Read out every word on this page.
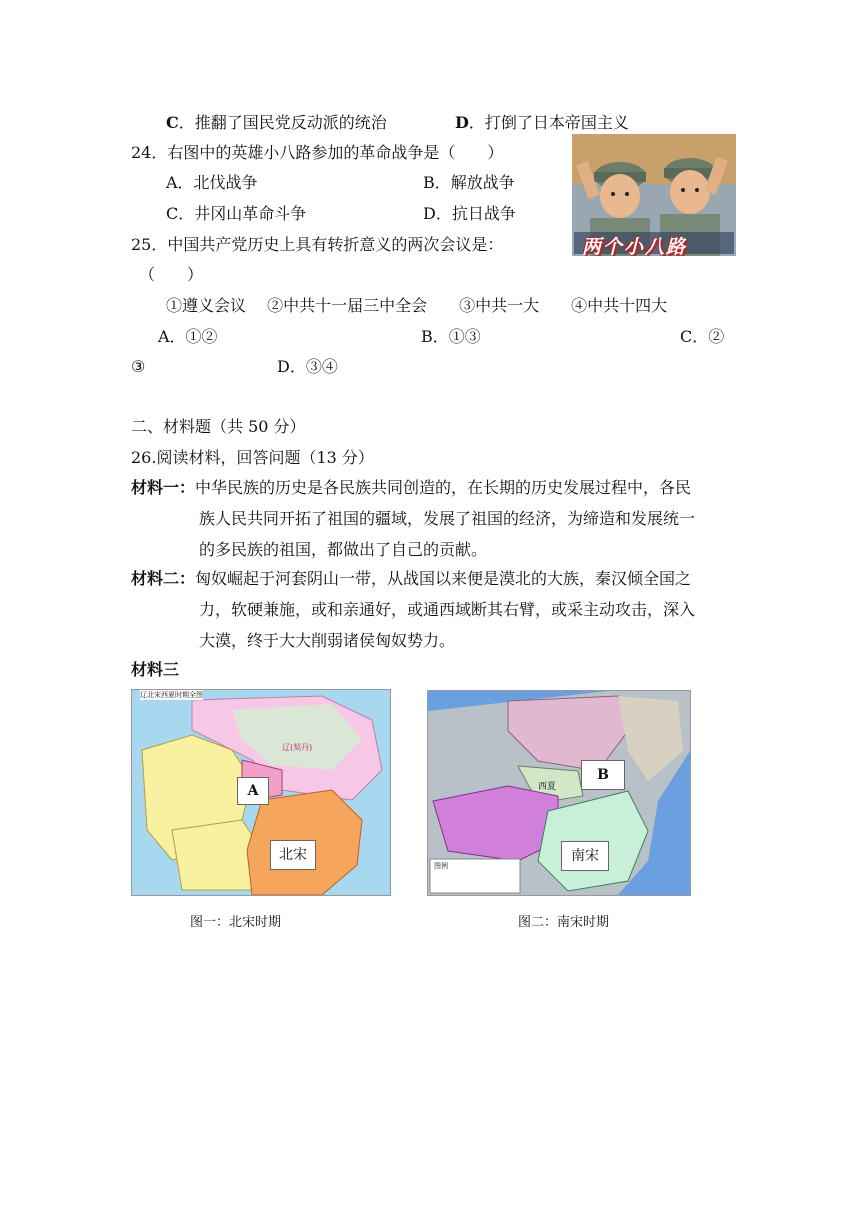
C．推翻了国民党反动派的统治	D．打倒了日本帝国主义
24．右图中的英雄小八路参加的革命战争是（　　）
A．北伐战争	B．解放战争
C．井冈山革命斗争	D．抗日战争
两个小八路
25．中国共产党历史上具有转折意义的两次会议是：
（　　）
①遵义会议　 ②中共十一届三中全会　　③中共一大　　④中共十四大
A．①②	B．①③	C．②
③	D．③④
二、材料题（共 50 分）
26.阅读材料，回答问题（13 分）
材料一：中华民族的历史是各民族共同创造的，在长期的历史发展过程中，各民
族人民共同开拓了祖国的疆域，发展了祖国的经济，为缔造和发展统一
的多民族的祖国，都做出了自己的贡献。
材料二：匈奴崛起于河套阴山一带，从战国以来便是漠北的大族，秦汉倾全国之
力，软硬兼施，或和亲通好，或通西域断其右臂，或采主动攻击，深入
大漠，终于大大削弱诸侯匈奴势力。
材料三
辽北宋西夏时期全图
辽(契丹)
A
北宋
图一：北宋时期
图例
西夏
B
南宋
图二：南宋时期
